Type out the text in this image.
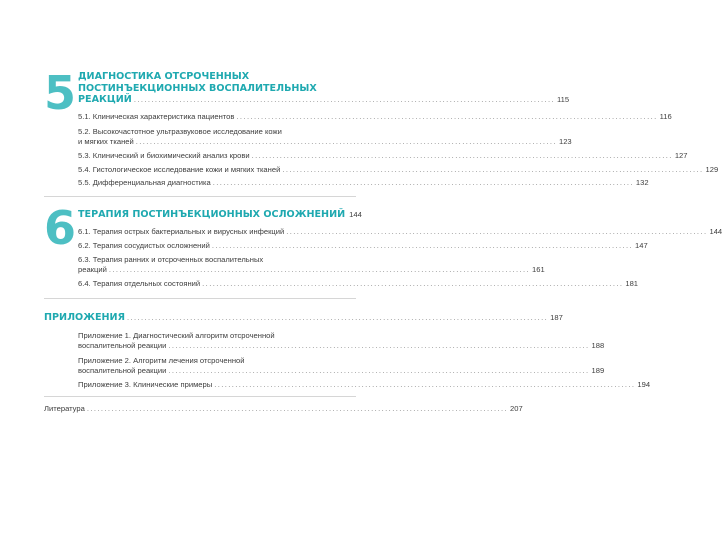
5 ДИАГНОСТИКА ОТСРОЧЕННЫХ
ПОСТИНЪЕКЦИОННЫХ ВОСПАЛИТЕЛЬНЫХ
РЕАКЦИЙ ........................................................................................................................ 115
5.1. Клиническая характеристика пациентов ........................................................................................................................ 116
5.2. Высокочастотное ультразвуковое исследование кожи
и мягких тканей ........................................................................................................................ 123
5.3. Клинический и биохимический анализ крови ........................................................................................................................ 127
5.4. Гистологическое исследование кожи и мягких тканей ........................................................................................................................ 129
5.5. Дифференциальная диагностика ........................................................................................................................ 132
6 ТЕРАПИЯ ПОСТИНЪЕКЦИОННЫХ ОСЛОЖНЕНИЙ 144
6.1. Терапия острых бактериальных и вирусных инфекций ........................................................................................................................ 144
6.2. Терапия сосудистых осложнений ........................................................................................................................ 147
6.3. Терапия ранних и отсроченных воспалительных
реакций ........................................................................................................................ 161
6.4. Терапия отдельных состояний ........................................................................................................................ 181
ПРИЛОЖЕНИЯ ........................................................................................................................ 187
Приложение 1. Диагностический алгоритм отсроченной
воспалительной реакции ........................................................................................................................ 188
Приложение 2. Алгоритм лечения отсроченной
воспалительной реакции ........................................................................................................................ 189
Приложение 3. Клинические примеры ........................................................................................................................ 194
Литература ........................................................................................................................ 207
